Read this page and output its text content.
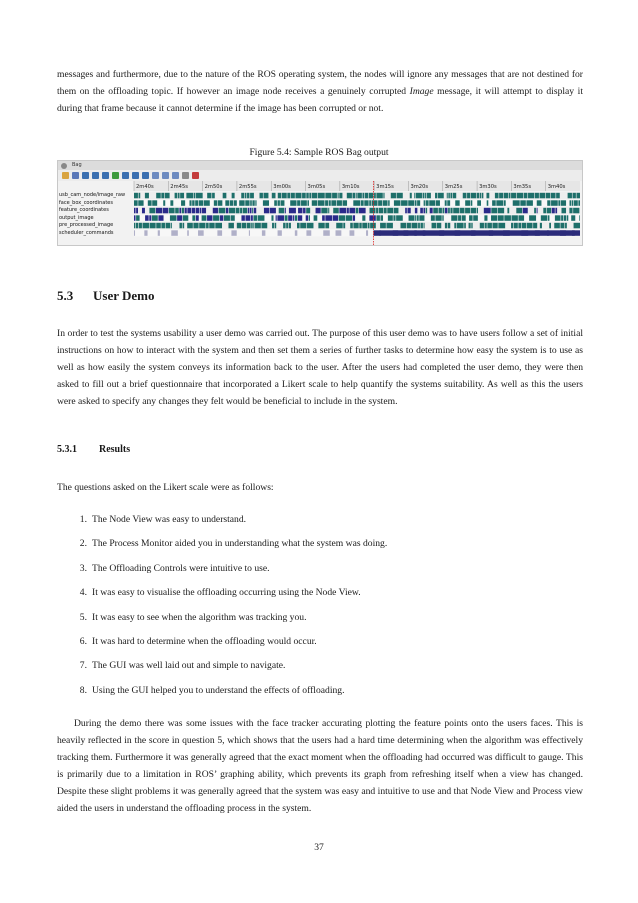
messages and furthermore, due to the nature of the ROS operating system, the nodes will ignore any messages that are not destined for them on the offloading topic. If however an image node receives a genuinely corrupted Image message, it will attempt to display it during that frame because it cannot determine if the image has been corrupted or not.

Figure 5.4: Sample ROS Bag output

Bag
2m40s	2m45s	2m50s	2m55s	3m00s	3m05s	3m10s	3m15s	3m20s	3m25s	3m30s	3m35s	3m40s
usb_cam_node/image_raw
face_box_coordinates
feature_coordinates
output_image
pre_processed_image
scheduler_commands
5.3 User Demo

In order to test the systems usability a user demo was carried out. The purpose of this user demo was to have users follow a set of initial instructions on how to interact with the system and then set them a series of further tasks to determine how easy the system is to use as well as how easily the system conveys its information back to the user. After the users had completed the user demo, they were then asked to fill out a brief questionnaire that incorporated a Likert scale to help quantify the systems suitability. As well as this the users were asked to specify any changes they felt would be beneficial to include in the system.

5.3.1 Results

The questions asked on the Likert scale were as follows:

1. The Node View was easy to understand.
2. The Process Monitor aided you in understanding what the system was doing.
3. The Offloading Controls were intuitive to use.
4. It was easy to visualise the offloading occurring using the Node View.
5. It was easy to see when the algorithm was tracking you.
6. It was hard to determine when the offloading would occur.
7. The GUI was well laid out and simple to navigate.
8. Using the GUI helped you to understand the effects of offloading.

During the demo there was some issues with the face tracker accurating plotting the feature points onto the users faces. This is heavily reflected in the score in question 5, which shows that the users had a hard time determining when the algorithm was effectively tracking them. Furthermore it was generally agreed that the exact moment when the offloading had occurred was difficult to gauge. This is primarily due to a limitation in ROS’ graphing ability, which prevents its graph from refreshing itself when a view has changed. Despite these slight problems it was generally agreed that the system was easy and intuitive to use and that Node View and Process view aided the users in understand the offloading process in the system.

37
